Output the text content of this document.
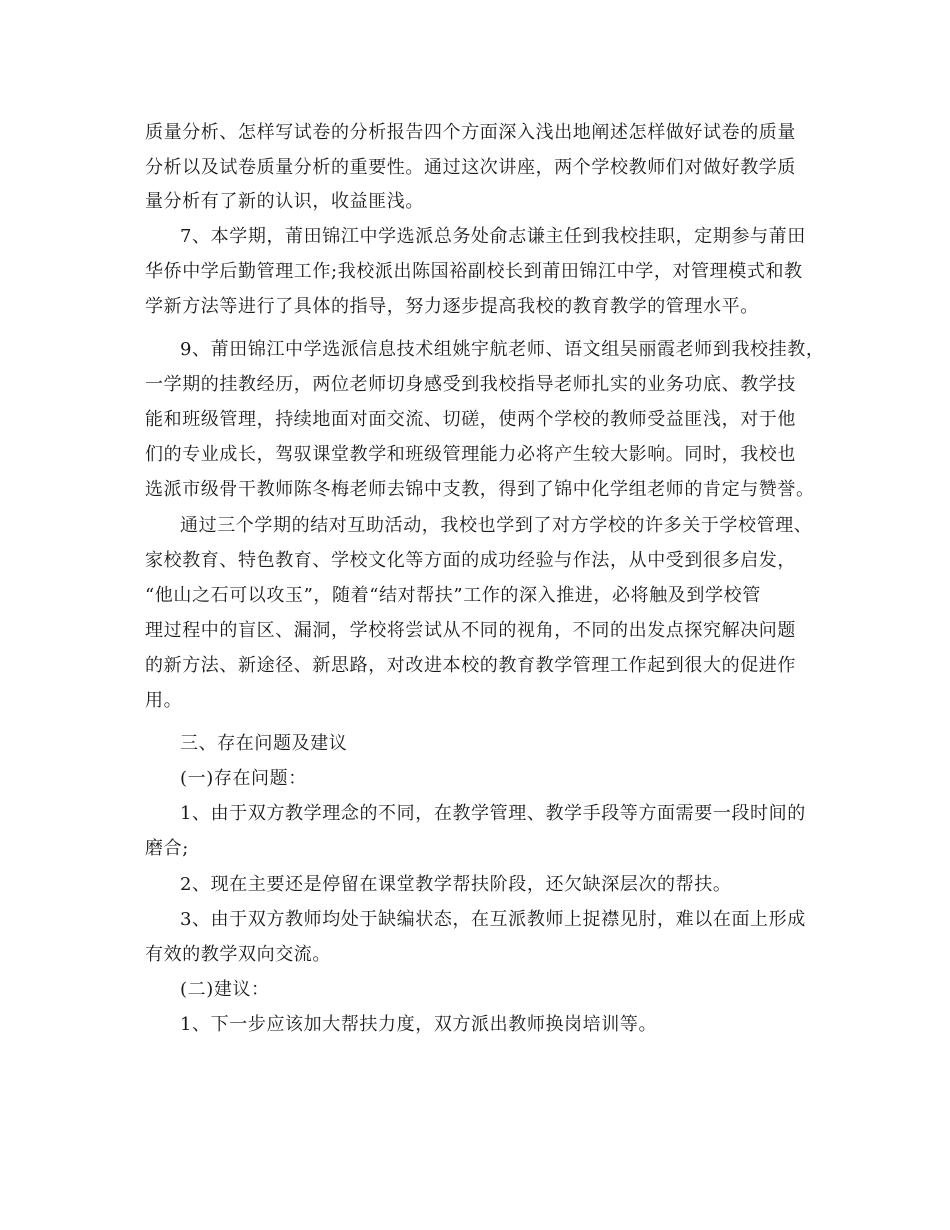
质量分析、怎样写试卷的分析报告四个方面深入浅出地阐述怎样做好试卷的质量
分析以及试卷质量分析的重要性。通过这次讲座，两个学校教师们对做好教学质
量分析有了新的认识，收益匪浅。
7、本学期，莆田锦江中学选派总务处俞志谦主任到我校挂职，定期参与莆田
华侨中学后勤管理工作;我校派出陈国裕副校长到莆田锦江中学，对管理模式和教
学新方法等进行了具体的指导，努力逐步提高我校的教育教学的管理水平。
9、莆田锦江中学选派信息技术组姚宇航老师、语文组吴丽霞老师到我校挂教，
一学期的挂教经历，两位老师切身感受到我校指导老师扎实的业务功底、教学技
能和班级管理，持续地面对面交流、切磋，使两个学校的教师受益匪浅，对于他
们的专业成长，驾驭课堂教学和班级管理能力必将产生较大影响。同时，我校也
选派市级骨干教师陈冬梅老师去锦中支教，得到了锦中化学组老师的肯定与赞誉。
通过三个学期的结对互助活动，我校也学到了对方学校的许多关于学校管理、
家校教育、特色教育、学校文化等方面的成功经验与作法，从中受到很多启发，
“他山之石可以攻玉”，随着“结对帮扶”工作的深入推进，必将触及到学校管
理过程中的盲区、漏洞，学校将尝试从不同的视角，不同的出发点探究解决问题
的新方法、新途径、新思路，对改进本校的教育教学管理工作起到很大的促进作
用。
三、存在问题及建议
(一)存在问题：
1、由于双方教学理念的不同，在教学管理、教学手段等方面需要一段时间的
磨合;
2、现在主要还是停留在课堂教学帮扶阶段，还欠缺深层次的帮扶。
3、由于双方教师均处于缺编状态，在互派教师上捉襟见肘，难以在面上形成
有效的教学双向交流。
(二)建议：
1、下一步应该加大帮扶力度，双方派出教师换岗培训等。
